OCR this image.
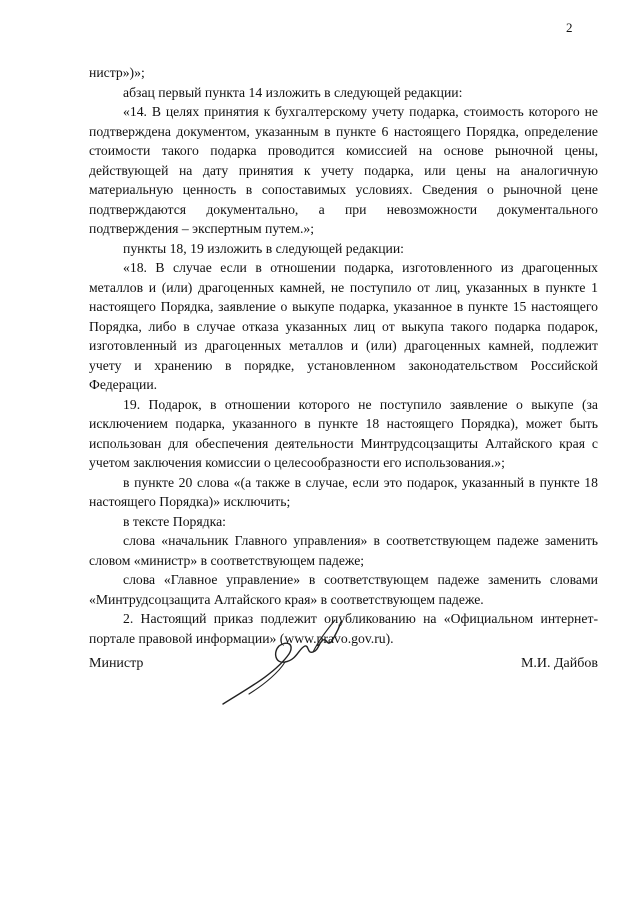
2

нистр»)»;

абзац первый пункта 14 изложить в следующей редакции:

«14. В целях принятия к бухгалтерскому учету подарка, стоимость которого не подтверждена документом, указанным в пункте 6 настоящего Порядка, определение стоимости такого подарка проводится комиссией на основе рыночной цены, действующей на дату принятия к учету подарка, или цены на аналогичную материальную ценность в сопоставимых условиях. Сведения о рыночной цене подтверждаются документально, а при невозможности документального подтверждения – экспертным путем.»;

пункты 18, 19 изложить в следующей редакции:

«18. В случае если в отношении подарка, изготовленного из драгоценных металлов и (или) драгоценных камней, не поступило от лиц, указанных в пункте 1 настоящего Порядка, заявление о выкупе подарка, указанное в пункте 15 настоящего Порядка, либо в случае отказа указанных лиц от выкупа такого подарка подарок, изготовленный из драгоценных металлов и (или) драгоценных камней, подлежит учету и хранению в порядке, установленном законодательством Российской Федерации.

19. Подарок, в отношении которого не поступило заявление о выкупе (за исключением подарка, указанного в пункте 18 настоящего Порядка), может быть использован для обеспечения деятельности Минтрудсоцзащиты Алтайского края с учетом заключения комиссии о целесообразности его использования.»;

в пункте 20 слова «(а также в случае, если это подарок, указанный в пункте 18 настоящего Порядка)» исключить;

в тексте Порядка:

слова «начальник Главного управления» в соответствующем падеже заменить словом «министр» в соответствующем падеже;

слова «Главное управление» в соответствующем падеже заменить словами «Минтрудсоцзащита Алтайского края» в соответствующем падеже.

2. Настоящий приказ подлежит опубликованию на «Официальном интернет-портале правовой информации» (www.pravo.gov.ru).

Министр	М.И. Дайбов
